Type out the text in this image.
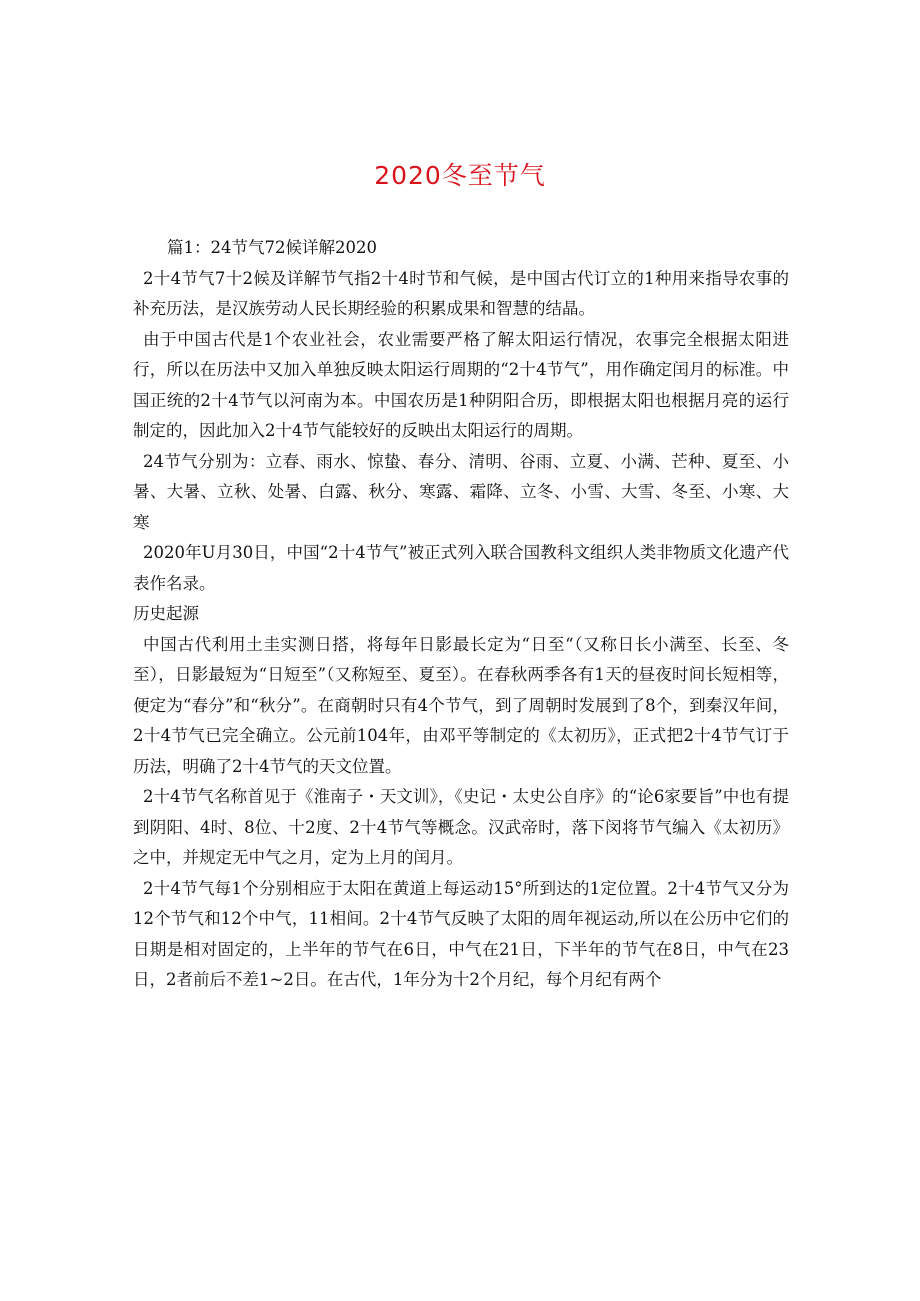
2020冬至节气

篇1：24节气72候详解2020

2十4节气7十2候及详解节气指2十4时节和气候，是中国古代订立的1种用来指导农事的补充历法，是汉族劳动人民长期经验的积累成果和智慧的结晶。

由于中国古代是1个农业社会，农业需要严格了解太阳运行情况，农事完全根据太阳进行，所以在历法中又加入单独反映太阳运行周期的“2十4节气”，用作确定闰月的标准。中国正统的2十4节气以河南为本。中国农历是1种阴阳合历，即根据太阳也根据月亮的运行制定的，因此加入2十4节气能较好的反映出太阳运行的周期。

24节气分别为：立春、雨水、惊蛰、春分、清明、谷雨、立夏、小满、芒种、夏至、小暑、大暑、立秋、处暑、白露、秋分、寒露、霜降、立冬、小雪、大雪、冬至、小寒、大寒

2020年U月30日，中国“2十4节气”被正式列入联合国教科文组织人类非物质文化遗产代表作名录。

历史起源

中国古代利用土圭实测日搭，将每年日影最长定为“日至“（又称日长小满至、长至、冬至），日影最短为“日短至”（又称短至、夏至）。在春秋两季各有1天的昼夜时间长短相等，便定为“春分”和“秋分”。在商朝时只有4个节气，到了周朝时发展到了8个，到秦汉年间，2十4节气已完全确立。公元前104年，由邓平等制定的《太初历》，正式把2十4节气订于历法，明确了2十4节气的天文位置。

2十4节气名称首见于《淮南子・天文训》，《史记・太史公自序》的“论6家要旨”中也有提到阴阳、4时、8位、十2度、2十4节气等概念。汉武帝时，落下闵将节气编入《太初历》之中，并规定无中气之月，定为上月的闰月。

2十4节气每1个分别相应于太阳在黄道上每运动15°所到达的1定位置。2十4节气又分为12个节气和12个中气，11相间。2十4节气反映了太阳的周年视运动,所以在公历中它们的日期是相对固定的，上半年的节气在6日，中气在21日，下半年的节气在8日，中气在23日，2者前后不差1~2日。在古代，1年分为十2个月纪，每个月纪有两个
